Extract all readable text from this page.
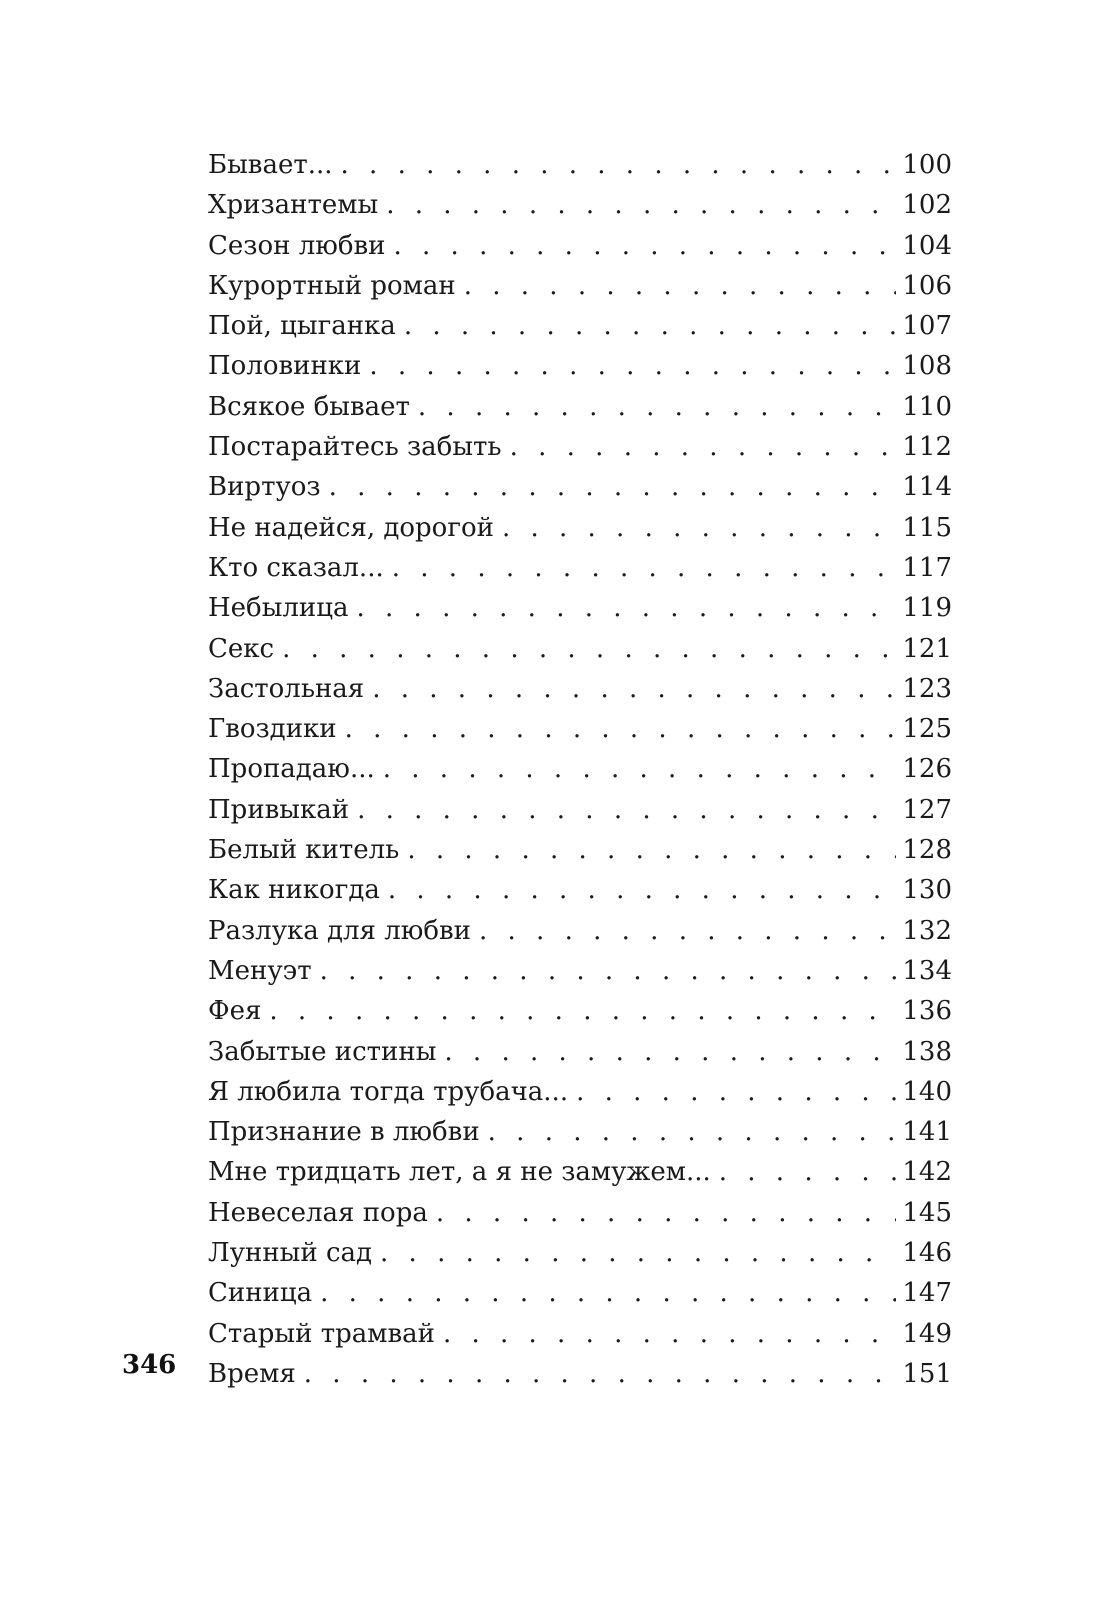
Бывает... . . .	100
Хризантемы . . .	102
Сезон любви . . .	104
Курортный роман . . .	106
Пой, цыганка . . .	107
Половинки . . .	108
Всякое бывает . . .	110
Постарайтесь забыть . . .	112
Виртуоз . . .	114
Не надейся, дорогой . . .	115
Кто сказал... . . .	117
Небылица . . .	119
Секс . . .	121
Застольная . . .	123
Гвоздики . . .	125
Пропадаю... . . .	126
Привыкай . . .	127
Белый китель . . .	128
Как никогда . . .	130
Разлука для любви . . .	132
Менуэт . . .	134
Фея . . .	136
Забытые истины . . .	138
Я любила тогда трубача... . . .	140
Признание в любви . . .	141
Мне тридцать лет, а я не замужем... . . .	142
Невеселая пора . . .	145
Лунный сад . . .	146
Синица . . .	147
Старый трамвай . . .	149
Время . . .	151
346
